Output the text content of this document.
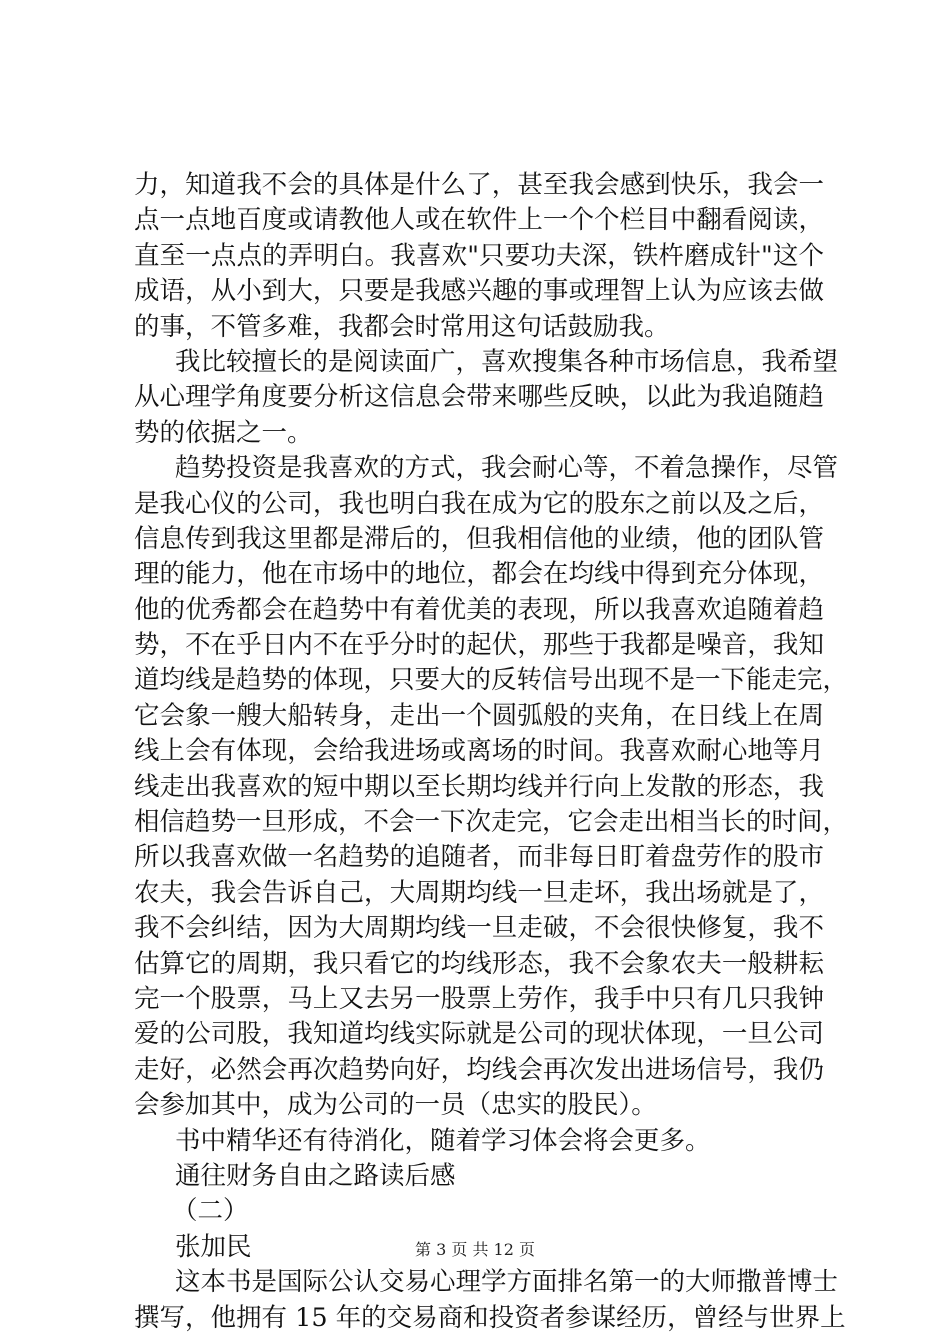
力，知道我不会的具体是什么了，甚至我会感到快乐，我会一
点一点地百度或请教他人或在软件上一个个栏目中翻看阅读，
直至一点点的弄明白。我喜欢"只要功夫深，铁杵磨成针"这个
成语，从小到大，只要是我感兴趣的事或理智上认为应该去做
的事，不管多难，我都会时常用这句话鼓励我。
我比较擅长的是阅读面广，喜欢搜集各种市场信息，我希望
从心理学角度要分析这信息会带来哪些反映，以此为我追随趋
势的依据之一。
趋势投资是我喜欢的方式，我会耐心等，不着急操作，尽管
是我心仪的公司，我也明白我在成为它的股东之前以及之后，
信息传到我这里都是滞后的，但我相信他的业绩，他的团队管
理的能力，他在市场中的地位，都会在均线中得到充分体现，
他的优秀都会在趋势中有着优美的表现，所以我喜欢追随着趋
势，不在乎日内不在乎分时的起伏，那些于我都是噪音，我知
道均线是趋势的体现，只要大的反转信号出现不是一下能走完，
它会象一艘大船转身，走出一个圆弧般的夹角，在日线上在周
线上会有体现，会给我进场或离场的时间。我喜欢耐心地等月
线走出我喜欢的短中期以至长期均线并行向上发散的形态，我
相信趋势一旦形成，不会一下次走完，它会走出相当长的时间，
所以我喜欢做一名趋势的追随者，而非每日盯着盘劳作的股市
农夫，我会告诉自己，大周期均线一旦走坏，我出场就是了，
我不会纠结，因为大周期均线一旦走破，不会很快修复，我不
估算它的周期，我只看它的均线形态，我不会象农夫一般耕耘
完一个股票，马上又去另一股票上劳作，我手中只有几只我钟
爱的公司股，我知道均线实际就是公司的现状体现，一旦公司
走好，必然会再次趋势向好，均线会再次发出进场信号，我仍
会参加其中，成为公司的一员（忠实的股民）。
书中精华还有待消化，随着学习体会将会更多。
通往财务自由之路读后感
（二）
张加民
这本书是国际公认交易心理学方面排名第一的大师撒普博士
撰写，他拥有 15 年的交易商和投资者参谋经历，曾经与世界上
第 3 页 共 12 页
